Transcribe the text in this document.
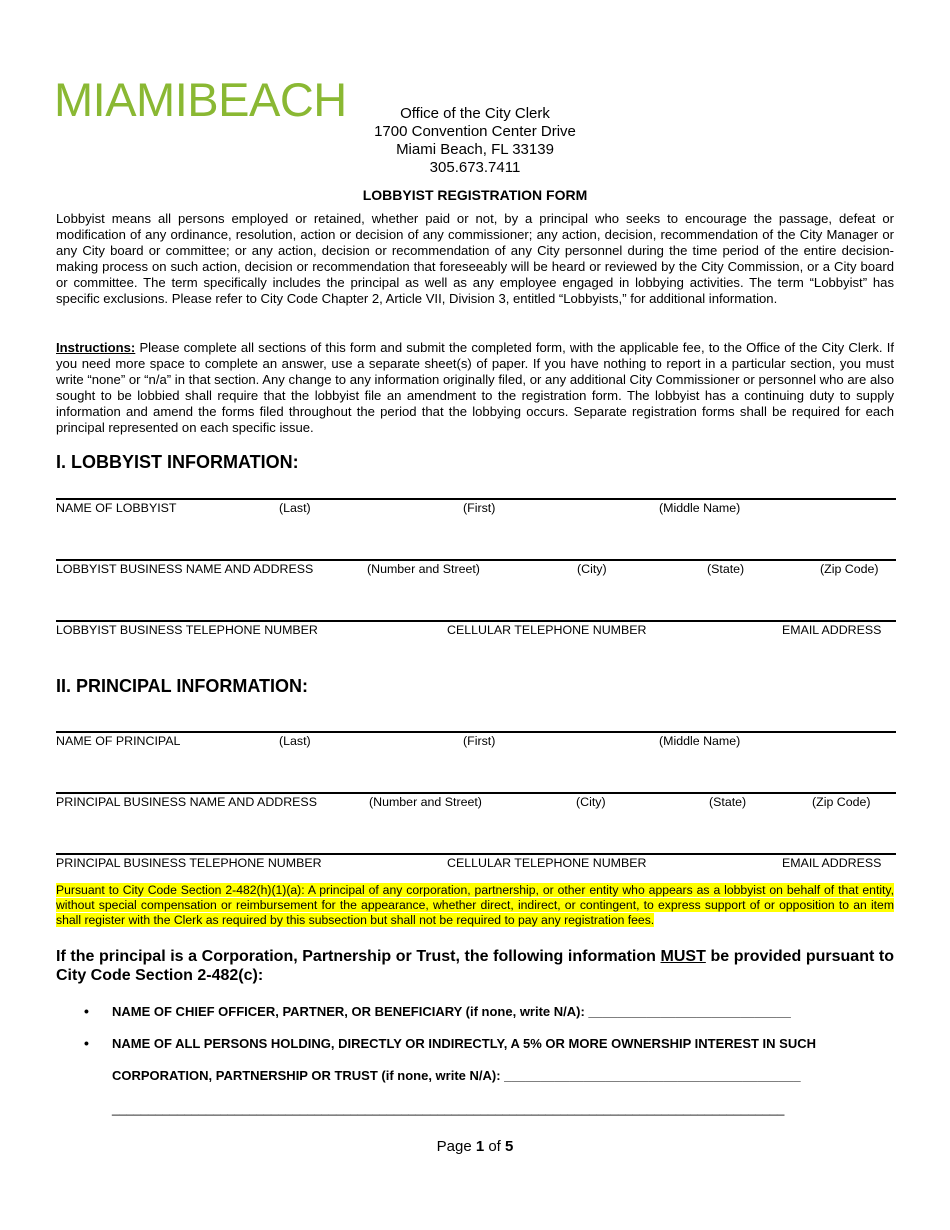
MIAMIBEACH	Office of the City Clerk
1700 Convention Center Drive
Miami Beach, FL 33139
305.673.7411
LOBBYIST REGISTRATION FORM
Lobbyist means all persons employed or retained, whether paid or not, by a principal who seeks to encourage the passage, defeat or modification of any ordinance, resolution, action or decision of any commissioner; any action, decision, recommendation of the City Manager or any City board or committee; or any action, decision or recommendation of any City personnel during the time period of the entire decision-making process on such action, decision or recommendation that foreseeably will be heard or reviewed by the City Commission, or a City board or committee. The term specifically includes the principal as well as any employee engaged in lobbying activities. The term “Lobbyist” has specific exclusions. Please refer to City Code Chapter 2, Article VII, Division 3, entitled “Lobbyists,” for additional information.
Instructions: Please complete all sections of this form and submit the completed form, with the applicable fee, to the Office of the City Clerk. If you need more space to complete an answer, use a separate sheet(s) of paper. If you have nothing to report in a particular section, you must write “none” or “n/a” in that section. Any change to any information originally filed, or any additional City Commissioner or personnel who are also sought to be lobbied shall require that the lobbyist file an amendment to the registration form. The lobbyist has a continuing duty to supply information and amend the forms filed throughout the period that the lobbying occurs. Separate registration forms shall be required for each principal represented on each specific issue.
I. LOBBYIST INFORMATION:
NAME OF LOBBYIST	(Last)	(First)	(Middle Name)
LOBBYIST BUSINESS NAME AND ADDRESS	(Number and Street)	(City)	(State)	(Zip Code)
LOBBYIST BUSINESS TELEPHONE NUMBER	CELLULAR TELEPHONE NUMBER	EMAIL ADDRESS
II. PRINCIPAL INFORMATION:
NAME OF PRINCIPAL	(Last)	(First)	(Middle Name)
PRINCIPAL BUSINESS NAME AND ADDRESS	(Number and Street)	(City)	(State)	(Zip Code)
PRINCIPAL BUSINESS TELEPHONE NUMBER	CELLULAR TELEPHONE NUMBER	EMAIL ADDRESS
Pursuant to City Code Section 2-482(h)(1)(a): A principal of any corporation, partnership, or other entity who appears as a lobbyist on behalf of that entity, without special compensation or reimbursement for the appearance, whether direct, indirect, or contingent, to express support of or opposition to an item shall register with the Clerk as required by this subsection but shall not be required to pay any registration fees.
If the principal is a Corporation, Partnership or Trust, the following information MUST be provided pursuant to City Code Section 2-482(c):
• NAME OF CHIEF OFFICER, PARTNER, OR BENEFICIARY (if none, write N/A): ____________________________
• NAME OF ALL PERSONS HOLDING, DIRECTLY OR INDIRECTLY, A 5% OR MORE OWNERSHIP INTEREST IN SUCH
CORPORATION, PARTNERSHIP OR TRUST (if none, write N/A): _________________________________________
_____________________________________________________________________________________________
Page 1 of 5
